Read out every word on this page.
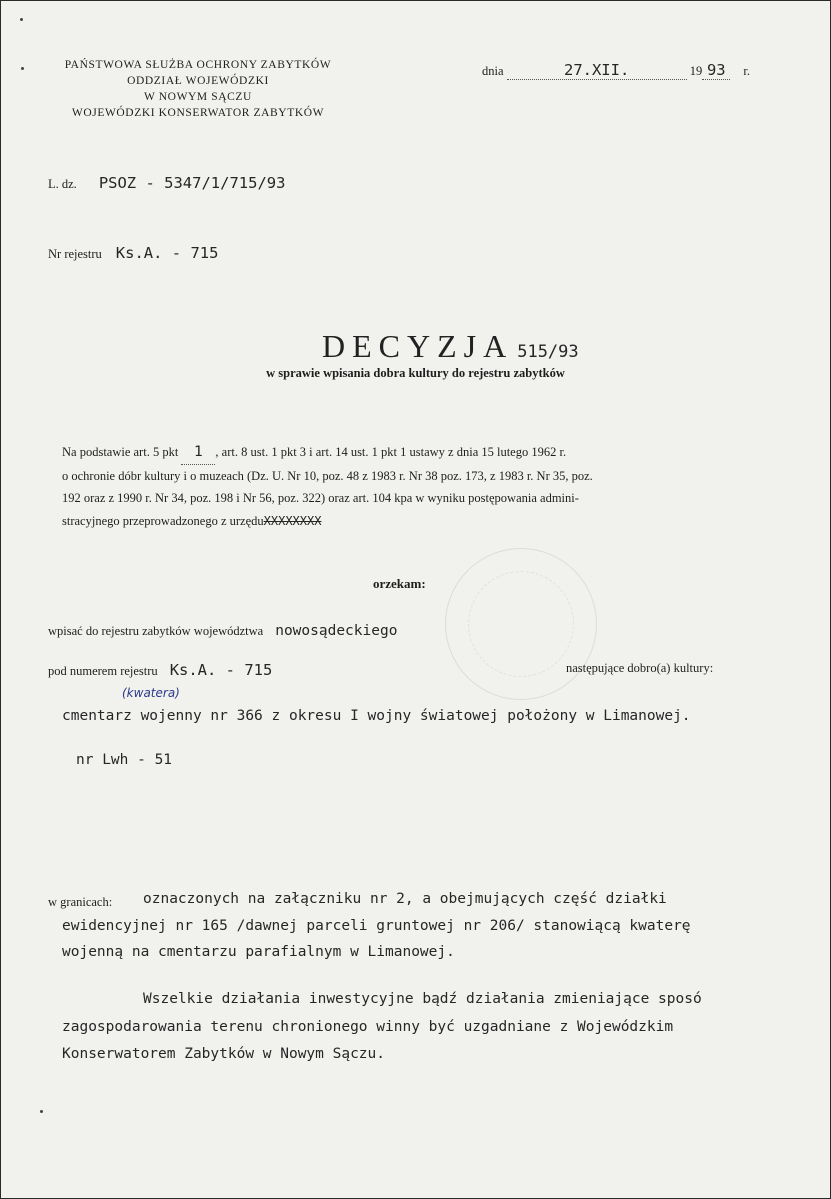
PAŃSTWOWA SŁUŻBA OCHRONY ZABYTKÓW
ODDZIAŁ WOJEWÓDZKI
W NOWYM SĄCZU
WOJEWÓDZKI KONSERWATOR ZABYTKÓW
dnia	27.XII.	19 93 r.
L. dz. PSOZ - 5347/1/715/93
Nr rejestru Ks.A. - 715
DECYZJA 515/93
w sprawie wpisania dobra kultury do rejestru zabytków
Na podstawie art. 5 pkt 1 , art. 8 ust. 1 pkt 3 i art. 14 ust. 1 pkt 1 ustawy z dnia 15 lutego 1962 r.
o ochronie dóbr kultury i o muzeach (Dz. U. Nr 10, poz. 48 z 1983 r. Nr 38 poz. 173, z 1983 r. Nr 35, poz.
192 oraz z 1990 r. Nr 34, poz. 198 i Nr 56, poz. 322) oraz art. 104 kpa w wyniku postępowania admini-
stracyjnego przeprowadzonego z urzęduXXXXXXXX
orzekam:
wpisać do rejestru zabytków województwa nowosądeckiego
pod numerem rejestru Ks.A. - 715	następujące dobro(a) kultury:
(kwatera)
cmentarz wojenny nr 366 z okresu I wojny światowej położony w Limanowej.
nr Lwh - 51
w granicach: oznaczonych na załączniku nr 2, a obejmujących część działki
ewidencyjnej nr 165 /dawnej parceli gruntowej nr 206/ stanowiącą kwaterę
wojenną na cmentarzu parafialnym w Limanowej.
Wszelkie działania inwestycyjne bądź działania zmieniające sposó
zagospodarowania terenu chronionego winny być uzgadniane z Wojewódzkim
Konserwatorem Zabytków w Nowym Sączu.
